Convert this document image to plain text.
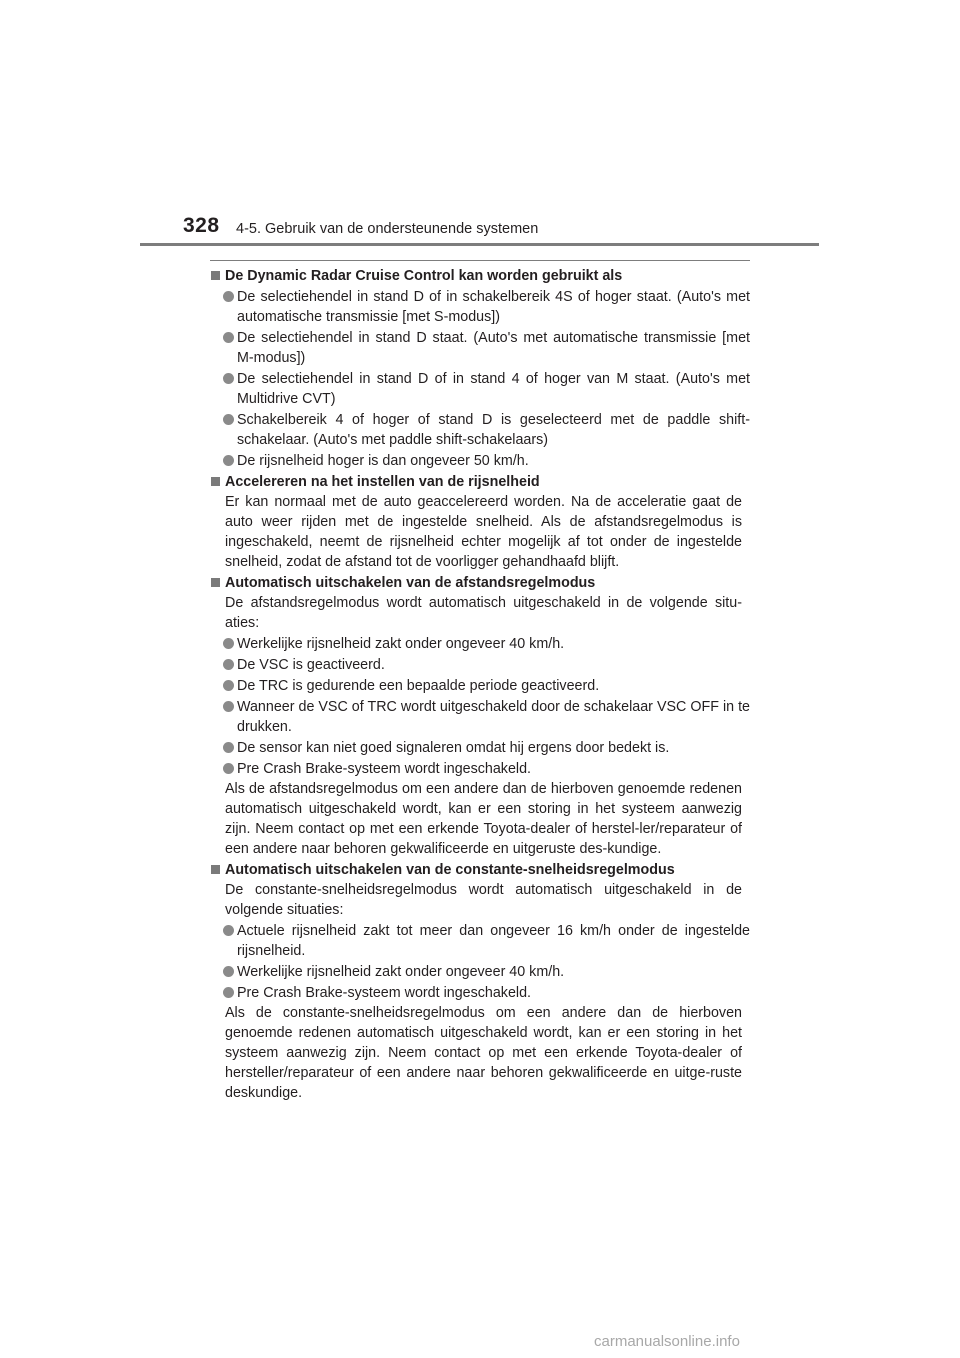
328 4-5. Gebruik van de ondersteunende systemen
De Dynamic Radar Cruise Control kan worden gebruikt als
De selectiehendel in stand D of in schakelbereik 4S of hoger staat. (Auto's met automatische transmissie [met S-modus])
De selectiehendel in stand D staat. (Auto's met automatische transmissie [met M-modus])
De selectiehendel in stand D of in stand 4 of hoger van M staat. (Auto's met Multidrive CVT)
Schakelbereik 4 of hoger of stand D is geselecteerd met de paddle shift-schakelaar. (Auto's met paddle shift-schakelaars)
De rijsnelheid hoger is dan ongeveer 50 km/h.
Accelereren na het instellen van de rijsnelheid
Er kan normaal met de auto geaccelereerd worden. Na de acceleratie gaat de auto weer rijden met de ingestelde snelheid. Als de afstandsregelmodus is ingeschakeld, neemt de rijsnelheid echter mogelijk af tot onder de ingestelde snelheid, zodat de afstand tot de voorligger gehandhaafd blijft.
Automatisch uitschakelen van de afstandsregelmodus
De afstandsregelmodus wordt automatisch uitgeschakeld in de volgende situ-aties:
Werkelijke rijsnelheid zakt onder ongeveer 40 km/h.
De VSC is geactiveerd.
De TRC is gedurende een bepaalde periode geactiveerd.
Wanneer de VSC of TRC wordt uitgeschakeld door de schakelaar VSC OFF in te drukken.
De sensor kan niet goed signaleren omdat hij ergens door bedekt is.
Pre Crash Brake-systeem wordt ingeschakeld.
Als de afstandsregelmodus om een andere dan de hierboven genoemde redenen automatisch uitgeschakeld wordt, kan er een storing in het systeem aanwezig zijn. Neem contact op met een erkende Toyota-dealer of herstel-ler/reparateur of een andere naar behoren gekwalificeerde en uitgeruste des-kundige.
Automatisch uitschakelen van de constante-snelheidsregelmodus
De constante-snelheidsregelmodus wordt automatisch uitgeschakeld in de volgende situaties:
Actuele rijsnelheid zakt tot meer dan ongeveer 16 km/h onder de ingestelde rijsnelheid.
Werkelijke rijsnelheid zakt onder ongeveer 40 km/h.
Pre Crash Brake-systeem wordt ingeschakeld.
Als de constante-snelheidsregelmodus om een andere dan de hierboven genoemde redenen automatisch uitgeschakeld wordt, kan er een storing in het systeem aanwezig zijn. Neem contact op met een erkende Toyota-dealer of hersteller/reparateur of een andere naar behoren gekwalificeerde en uitge-ruste deskundige.
carmanualsonline.info
